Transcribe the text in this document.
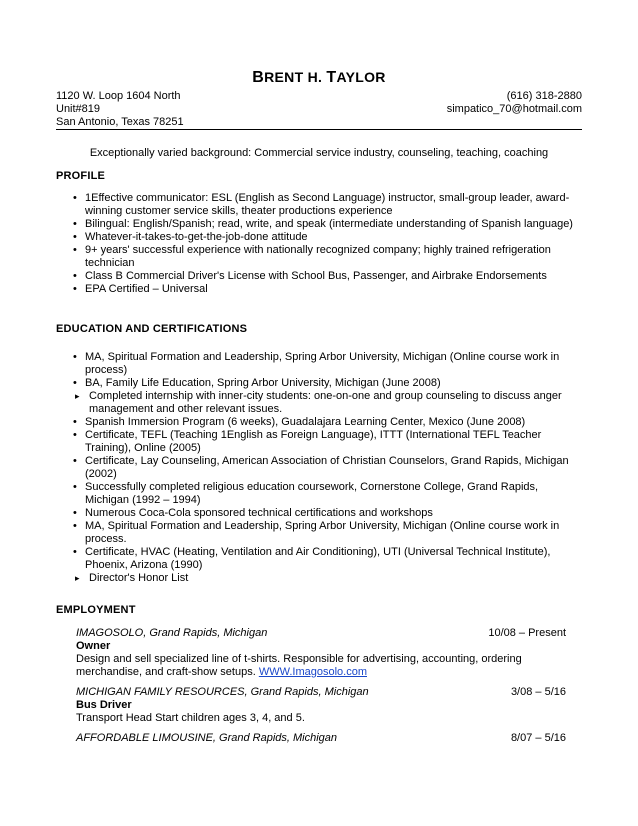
BRENT H. TAYLOR
1120 W. Loop 1604 North	(616) 318-2880
Unit#819	simpatico_70@hotmail.com
San Antonio, Texas 78251
Exceptionally varied background: Commercial service industry, counseling, teaching, coaching
PROFILE
• 1Effective communicator: ESL (English as Second Language) instructor, small-group leader, award-winning customer service skills, theater productions experience
• Bilingual: English/Spanish; read, write, and speak (intermediate understanding of Spanish language)
• Whatever-it-takes-to-get-the-job-done attitude
• 9+ years' successful experience with nationally recognized company; highly trained refrigeration technician
• Class B Commercial Driver's License with School Bus, Passenger, and Airbrake Endorsements
• EPA Certified – Universal
EDUCATION AND CERTIFICATIONS
• MA, Spiritual Formation and Leadership, Spring Arbor University, Michigan (Online course work in process)
• BA, Family Life Education, Spring Arbor University, Michigan (June 2008)
▸ Completed internship with inner-city students: one-on-one and group counseling to discuss anger management and other relevant issues.
• Spanish Immersion Program (6 weeks), Guadalajara Learning Center, Mexico (June 2008)
• Certificate, TEFL (Teaching 1English as Foreign Language), ITTT (International TEFL Teacher Training), Online (2005)
• Certificate, Lay Counseling, American Association of Christian Counselors, Grand Rapids, Michigan (2002)
• Successfully completed religious education coursework, Cornerstone College, Grand Rapids, Michigan (1992 – 1994)
• Numerous Coca-Cola sponsored technical certifications and workshops
• MA, Spiritual Formation and Leadership, Spring Arbor University, Michigan (Online course work in process.
• Certificate, HVAC (Heating, Ventilation and Air Conditioning), UTI (Universal Technical Institute), Phoenix, Arizona (1990)
▸ Director's Honor List
EMPLOYMENT
IMAGOSOLO, Grand Rapids, Michigan	10/08 – Present
Owner
Design and sell specialized line of t-shirts. Responsible for advertising, accounting, ordering merchandise, and craft-show setups. WWW.Imagosolo.com
MICHIGAN FAMILY RESOURCES, Grand Rapids, Michigan	3/08 – 5/16
Bus Driver
Transport Head Start children ages 3, 4, and 5.
AFFORDABLE LIMOUSINE, Grand Rapids, Michigan	8/07 – 5/16
